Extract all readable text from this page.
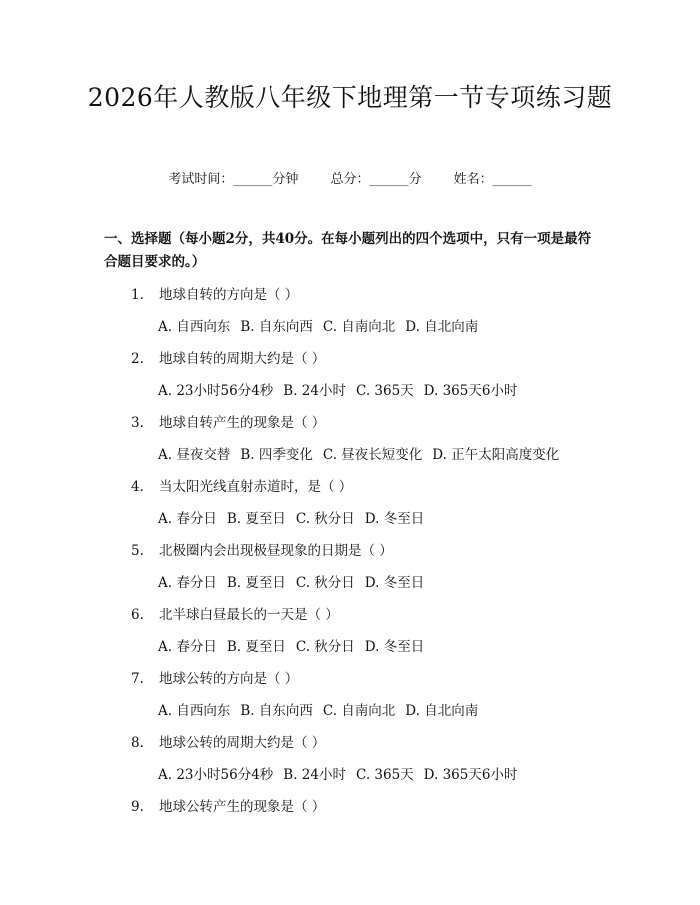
2026年人教版八年级下地理第一节专项练习题
考试时间：______分钟 总分：______分 姓名：______
一、选择题（每小题2分，共40分。在每小题列出的四个选项中，只有一项是最符合题目要求的。）
1. 地球自转的方向是（ ）
A. 自西向东 B. 自东向西 C. 自南向北 D. 自北向南
2. 地球自转的周期大约是（ ）
A. 23小时56分4秒 B. 24小时 C. 365天 D. 365天6小时
3. 地球自转产生的现象是（ ）
A. 昼夜交替 B. 四季变化 C. 昼夜长短变化 D. 正午太阳高度变化
4. 当太阳光线直射赤道时，是（ ）
A. 春分日 B. 夏至日 C. 秋分日 D. 冬至日
5. 北极圈内会出现极昼现象的日期是（ ）
A. 春分日 B. 夏至日 C. 秋分日 D. 冬至日
6. 北半球白昼最长的一天是（ ）
A. 春分日 B. 夏至日 C. 秋分日 D. 冬至日
7. 地球公转的方向是（ ）
A. 自西向东 B. 自东向西 C. 自南向北 D. 自北向南
8. 地球公转的周期大约是（ ）
A. 23小时56分4秒 B. 24小时 C. 365天 D. 365天6小时
9. 地球公转产生的现象是（ ）
